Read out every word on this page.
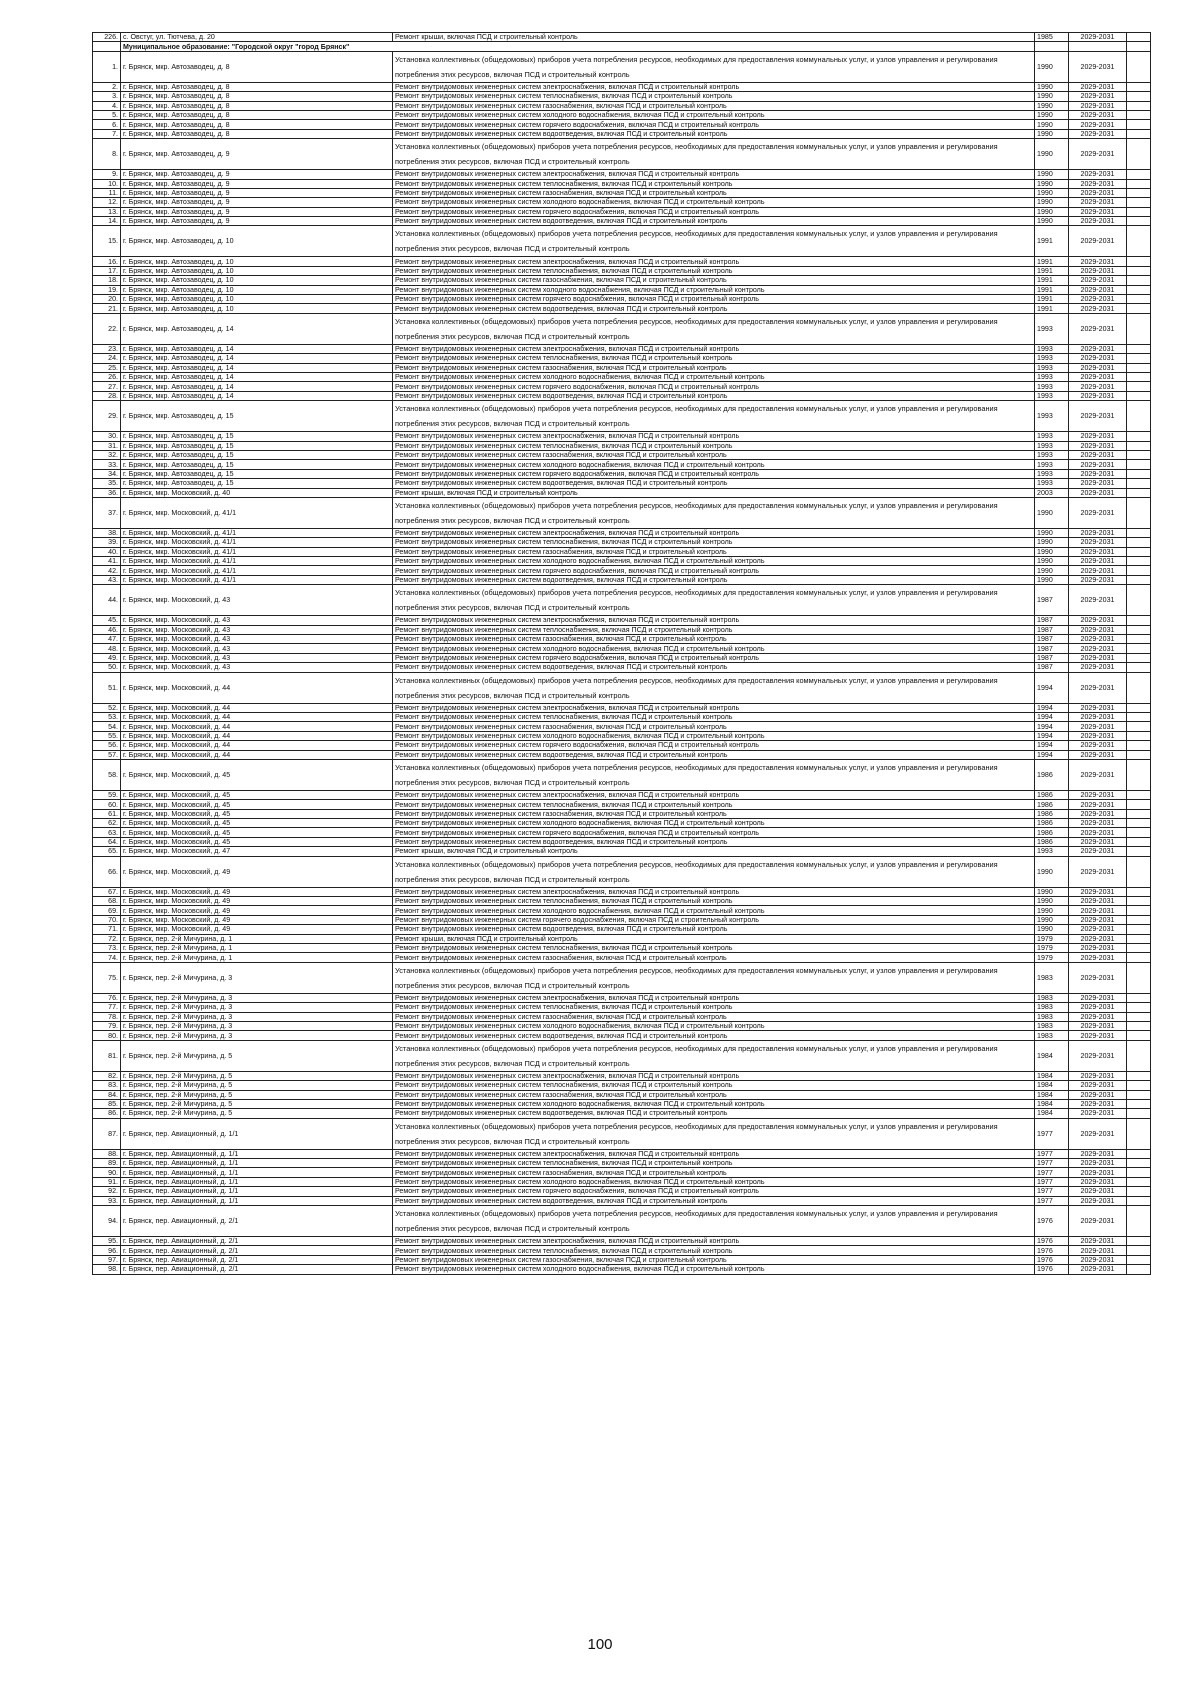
226.	с. Овстуг, ул. Тютчева, д. 20	Ремонт крыши, включая ПСД и строительный контроль	1985	2029-2031	
	Муниципальное образование: "Городской округ "город Брянск"				
1.	г. Брянск, мкр. Автозаводец, д. 8	Установка коллективных (общедомовых) приборов учета потребления ресурсов, необходимых для предоставления коммунальных услуг, и узлов управления и регулирования потребления этих ресурсов, включая ПСД и строительный контроль	1990	2029-2031	
2.	г. Брянск, мкр. Автозаводец, д. 8	Ремонт внутридомовых инженерных систем электроснабжения, включая ПСД и строительный контроль	1990	2029-2031	
3.	г. Брянск, мкр. Автозаводец, д. 8	Ремонт внутридомовых инженерных систем теплоснабжения, включая ПСД и строительный контроль	1990	2029-2031	
4.	г. Брянск, мкр. Автозаводец, д. 8	Ремонт внутридомовых инженерных систем газоснабжения, включая ПСД и строительный контроль	1990	2029-2031	
5.	г. Брянск, мкр. Автозаводец, д. 8	Ремонт внутридомовых инженерных систем холодного водоснабжения, включая ПСД и строительный контроль	1990	2029-2031	
6.	г. Брянск, мкр. Автозаводец, д. 8	Ремонт внутридомовых инженерных систем горячего водоснабжения, включая ПСД и строительный контроль	1990	2029-2031	
7.	г. Брянск, мкр. Автозаводец, д. 8	Ремонт внутридомовых инженерных систем водоотведения, включая ПСД и строительный контроль	1990	2029-2031	
8.	г. Брянск, мкр. Автозаводец, д. 9	Установка коллективных (общедомовых) приборов учета потребления ресурсов, необходимых для предоставления коммунальных услуг, и узлов управления и регулирования потребления этих ресурсов, включая ПСД и строительный контроль	1990	2029-2031	
9.	г. Брянск, мкр. Автозаводец, д. 9	Ремонт внутридомовых инженерных систем электроснабжения, включая ПСД и строительный контроль	1990	2029-2031	
10.	г. Брянск, мкр. Автозаводец, д. 9	Ремонт внутридомовых инженерных систем теплоснабжения, включая ПСД и строительный контроль	1990	2029-2031	
11.	г. Брянск, мкр. Автозаводец, д. 9	Ремонт внутридомовых инженерных систем газоснабжения, включая ПСД и строительный контроль	1990	2029-2031	
12.	г. Брянск, мкр. Автозаводец, д. 9	Ремонт внутридомовых инженерных систем холодного водоснабжения, включая ПСД и строительный контроль	1990	2029-2031	
13.	г. Брянск, мкр. Автозаводец, д. 9	Ремонт внутридомовых инженерных систем горячего водоснабжения, включая ПСД и строительный контроль	1990	2029-2031	
14.	г. Брянск, мкр. Автозаводец, д. 9	Ремонт внутридомовых инженерных систем водоотведения, включая ПСД и строительный контроль	1990	2029-2031	
15.	г. Брянск, мкр. Автозаводец, д. 10	Установка коллективных (общедомовых) приборов учета потребления ресурсов, необходимых для предоставления коммунальных услуг, и узлов управления и регулирования потребления этих ресурсов, включая ПСД и строительный контроль	1991	2029-2031	
16.	г. Брянск, мкр. Автозаводец, д. 10	Ремонт внутридомовых инженерных систем электроснабжения, включая ПСД и строительный контроль	1991	2029-2031	
17.	г. Брянск, мкр. Автозаводец, д. 10	Ремонт внутридомовых инженерных систем теплоснабжения, включая ПСД и строительный контроль	1991	2029-2031	
18.	г. Брянск, мкр. Автозаводец, д. 10	Ремонт внутридомовых инженерных систем газоснабжения, включая ПСД и строительный контроль	1991	2029-2031	
19.	г. Брянск, мкр. Автозаводец, д. 10	Ремонт внутридомовых инженерных систем холодного водоснабжения, включая ПСД и строительный контроль	1991	2029-2031	
20.	г. Брянск, мкр. Автозаводец, д. 10	Ремонт внутридомовых инженерных систем горячего водоснабжения, включая ПСД и строительный контроль	1991	2029-2031	
21.	г. Брянск, мкр. Автозаводец, д. 10	Ремонт внутридомовых инженерных систем водоотведения, включая ПСД и строительный контроль	1991	2029-2031	
22.	г. Брянск, мкр. Автозаводец, д. 14	Установка коллективных (общедомовых) приборов учета потребления ресурсов, необходимых для предоставления коммунальных услуг, и узлов управления и регулирования потребления этих ресурсов, включая ПСД и строительный контроль	1993	2029-2031	
23.	г. Брянск, мкр. Автозаводец, д. 14	Ремонт внутридомовых инженерных систем электроснабжения, включая ПСД и строительный контроль	1993	2029-2031	
24.	г. Брянск, мкр. Автозаводец, д. 14	Ремонт внутридомовых инженерных систем теплоснабжения, включая ПСД и строительный контроль	1993	2029-2031	
25.	г. Брянск, мкр. Автозаводец, д. 14	Ремонт внутридомовых инженерных систем газоснабжения, включая ПСД и строительный контроль	1993	2029-2031	
26.	г. Брянск, мкр. Автозаводец, д. 14	Ремонт внутридомовых инженерных систем холодного водоснабжения, включая ПСД и строительный контроль	1993	2029-2031	
27.	г. Брянск, мкр. Автозаводец, д. 14	Ремонт внутридомовых инженерных систем горячего водоснабжения, включая ПСД и строительный контроль	1993	2029-2031	
28.	г. Брянск, мкр. Автозаводец, д. 14	Ремонт внутридомовых инженерных систем водоотведения, включая ПСД и строительный контроль	1993	2029-2031	
29.	г. Брянск, мкр. Автозаводец, д. 15	Установка коллективных (общедомовых) приборов учета потребления ресурсов, необходимых для предоставления коммунальных услуг, и узлов управления и регулирования потребления этих ресурсов, включая ПСД и строительный контроль	1993	2029-2031	
30.	г. Брянск, мкр. Автозаводец, д. 15	Ремонт внутридомовых инженерных систем электроснабжения, включая ПСД и строительный контроль	1993	2029-2031	
31.	г. Брянск, мкр. Автозаводец, д. 15	Ремонт внутридомовых инженерных систем теплоснабжения, включая ПСД и строительный контроль	1993	2029-2031	
32.	г. Брянск, мкр. Автозаводец, д. 15	Ремонт внутридомовых инженерных систем газоснабжения, включая ПСД и строительный контроль	1993	2029-2031	
33.	г. Брянск, мкр. Автозаводец, д. 15	Ремонт внутридомовых инженерных систем холодного водоснабжения, включая ПСД и строительный контроль	1993	2029-2031	
34.	г. Брянск, мкр. Автозаводец, д. 15	Ремонт внутридомовых инженерных систем горячего водоснабжения, включая ПСД и строительный контроль	1993	2029-2031	
35.	г. Брянск, мкр. Автозаводец, д. 15	Ремонт внутридомовых инженерных систем водоотведения, включая ПСД и строительный контроль	1993	2029-2031	
36.	г. Брянск, мкр. Московский, д. 40	Ремонт крыши, включая ПСД и строительный контроль	2003	2029-2031	
37.	г. Брянск, мкр. Московский, д. 41/1	Установка коллективных (общедомовых) приборов учета потребления ресурсов, необходимых для предоставления коммунальных услуг, и узлов управления и регулирования потребления этих ресурсов, включая ПСД и строительный контроль	1990	2029-2031	
38.	г. Брянск, мкр. Московский, д. 41/1	Ремонт внутридомовых инженерных систем электроснабжения, включая ПСД и строительный контроль	1990	2029-2031	
39.	г. Брянск, мкр. Московский, д. 41/1	Ремонт внутридомовых инженерных систем теплоснабжения, включая ПСД и строительный контроль	1990	2029-2031	
40.	г. Брянск, мкр. Московский, д. 41/1	Ремонт внутридомовых инженерных систем газоснабжения, включая ПСД и строительный контроль	1990	2029-2031	
41.	г. Брянск, мкр. Московский, д. 41/1	Ремонт внутридомовых инженерных систем холодного водоснабжения, включая ПСД и строительный контроль	1990	2029-2031	
42.	г. Брянск, мкр. Московский, д. 41/1	Ремонт внутридомовых инженерных систем горячего водоснабжения, включая ПСД и строительный контроль	1990	2029-2031	
43.	г. Брянск, мкр. Московский, д. 41/1	Ремонт внутридомовых инженерных систем водоотведения, включая ПСД и строительный контроль	1990	2029-2031	
44.	г. Брянск, мкр. Московский, д. 43	Установка коллективных (общедомовых) приборов учета потребления ресурсов, необходимых для предоставления коммунальных услуг, и узлов управления и регулирования потребления этих ресурсов, включая ПСД и строительный контроль	1987	2029-2031	
45.	г. Брянск, мкр. Московский, д. 43	Ремонт внутридомовых инженерных систем электроснабжения, включая ПСД и строительный контроль	1987	2029-2031	
46.	г. Брянск, мкр. Московский, д. 43	Ремонт внутридомовых инженерных систем теплоснабжения, включая ПСД и строительный контроль	1987	2029-2031	
47.	г. Брянск, мкр. Московский, д. 43	Ремонт внутридомовых инженерных систем газоснабжения, включая ПСД и строительный контроль	1987	2029-2031	
48.	г. Брянск, мкр. Московский, д. 43	Ремонт внутридомовых инженерных систем холодного водоснабжения, включая ПСД и строительный контроль	1987	2029-2031	
49.	г. Брянск, мкр. Московский, д. 43	Ремонт внутридомовых инженерных систем горячего водоснабжения, включая ПСД и строительный контроль	1987	2029-2031	
50.	г. Брянск, мкр. Московский, д. 43	Ремонт внутридомовых инженерных систем водоотведения, включая ПСД и строительный контроль	1987	2029-2031	
51.	г. Брянск, мкр. Московский, д. 44	Установка коллективных (общедомовых) приборов учета потребления ресурсов, необходимых для предоставления коммунальных услуг, и узлов управления и регулирования потребления этих ресурсов, включая ПСД и строительный контроль	1994	2029-2031	
52.	г. Брянск, мкр. Московский, д. 44	Ремонт внутридомовых инженерных систем электроснабжения, включая ПСД и строительный контроль	1994	2029-2031	
53.	г. Брянск, мкр. Московский, д. 44	Ремонт внутридомовых инженерных систем теплоснабжения, включая ПСД и строительный контроль	1994	2029-2031	
54.	г. Брянск, мкр. Московский, д. 44	Ремонт внутридомовых инженерных систем газоснабжения, включая ПСД и строительный контроль	1994	2029-2031	
55.	г. Брянск, мкр. Московский, д. 44	Ремонт внутридомовых инженерных систем холодного водоснабжения, включая ПСД и строительный контроль	1994	2029-2031	
56.	г. Брянск, мкр. Московский, д. 44	Ремонт внутридомовых инженерных систем горячего водоснабжения, включая ПСД и строительный контроль	1994	2029-2031	
57.	г. Брянск, мкр. Московский, д. 44	Ремонт внутридомовых инженерных систем водоотведения, включая ПСД и строительный контроль	1994	2029-2031	
58.	г. Брянск, мкр. Московский, д. 45	Установка коллективных (общедомовых) приборов учета потребления ресурсов, необходимых для предоставления коммунальных услуг, и узлов управления и регулирования потребления этих ресурсов, включая ПСД и строительный контроль	1986	2029-2031	
59.	г. Брянск, мкр. Московский, д. 45	Ремонт внутридомовых инженерных систем электроснабжения, включая ПСД и строительный контроль	1986	2029-2031	
60.	г. Брянск, мкр. Московский, д. 45	Ремонт внутридомовых инженерных систем теплоснабжения, включая ПСД и строительный контроль	1986	2029-2031	
61.	г. Брянск, мкр. Московский, д. 45	Ремонт внутридомовых инженерных систем газоснабжения, включая ПСД и строительный контроль	1986	2029-2031	
62.	г. Брянск, мкр. Московский, д. 45	Ремонт внутридомовых инженерных систем холодного водоснабжения, включая ПСД и строительный контроль	1986	2029-2031	
63.	г. Брянск, мкр. Московский, д. 45	Ремонт внутридомовых инженерных систем горячего водоснабжения, включая ПСД и строительный контроль	1986	2029-2031	
64.	г. Брянск, мкр. Московский, д. 45	Ремонт внутридомовых инженерных систем водоотведения, включая ПСД и строительный контроль	1986	2029-2031	
65.	г. Брянск, мкр. Московский, д. 47	Ремонт крыши, включая ПСД и строительный контроль	1993	2029-2031	
66.	г. Брянск, мкр. Московский, д. 49	Установка коллективных (общедомовых) приборов учета потребления ресурсов, необходимых для предоставления коммунальных услуг, и узлов управления и регулирования потребления этих ресурсов, включая ПСД и строительный контроль	1990	2029-2031	
67.	г. Брянск, мкр. Московский, д. 49	Ремонт внутридомовых инженерных систем электроснабжения, включая ПСД и строительный контроль	1990	2029-2031	
68.	г. Брянск, мкр. Московский, д. 49	Ремонт внутридомовых инженерных систем теплоснабжения, включая ПСД и строительный контроль	1990	2029-2031	
69.	г. Брянск, мкр. Московский, д. 49	Ремонт внутридомовых инженерных систем холодного водоснабжения, включая ПСД и строительный контроль	1990	2029-2031	
70.	г. Брянск, мкр. Московский, д. 49	Ремонт внутридомовых инженерных систем горячего водоснабжения, включая ПСД и строительный контроль	1990	2029-2031	
71.	г. Брянск, мкр. Московский, д. 49	Ремонт внутридомовых инженерных систем водоотведения, включая ПСД и строительный контроль	1990	2029-2031	
72.	г. Брянск, пер. 2-й Мичурина, д. 1	Ремонт крыши, включая ПСД и строительный контроль	1979	2029-2031	
73.	г. Брянск, пер. 2-й Мичурина, д. 1	Ремонт внутридомовых инженерных систем теплоснабжения, включая ПСД и строительный контроль	1979	2029-2031	
74.	г. Брянск, пер. 2-й Мичурина, д. 1	Ремонт внутридомовых инженерных систем газоснабжения, включая ПСД и строительный контроль	1979	2029-2031	
75.	г. Брянск, пер. 2-й Мичурина, д. 3	Установка коллективных (общедомовых) приборов учета потребления ресурсов, необходимых для предоставления коммунальных услуг, и узлов управления и регулирования потребления этих ресурсов, включая ПСД и строительный контроль	1983	2029-2031	
76.	г. Брянск, пер. 2-й Мичурина, д. 3	Ремонт внутридомовых инженерных систем электроснабжения, включая ПСД и строительный контроль	1983	2029-2031	
77.	г. Брянск, пер. 2-й Мичурина, д. 3	Ремонт внутридомовых инженерных систем теплоснабжения, включая ПСД и строительный контроль	1983	2029-2031	
78.	г. Брянск, пер. 2-й Мичурина, д. 3	Ремонт внутридомовых инженерных систем газоснабжения, включая ПСД и строительный контроль	1983	2029-2031	
79.	г. Брянск, пер. 2-й Мичурина, д. 3	Ремонт внутридомовых инженерных систем холодного водоснабжения, включая ПСД и строительный контроль	1983	2029-2031	
80.	г. Брянск, пер. 2-й Мичурина, д. 3	Ремонт внутридомовых инженерных систем водоотведения, включая ПСД и строительный контроль	1983	2029-2031	
81.	г. Брянск, пер. 2-й Мичурина, д. 5	Установка коллективных (общедомовых) приборов учета потребления ресурсов, необходимых для предоставления коммунальных услуг, и узлов управления и регулирования потребления этих ресурсов, включая ПСД и строительный контроль	1984	2029-2031	
82.	г. Брянск, пер. 2-й Мичурина, д. 5	Ремонт внутридомовых инженерных систем электроснабжения, включая ПСД и строительный контроль	1984	2029-2031	
83.	г. Брянск, пер. 2-й Мичурина, д. 5	Ремонт внутридомовых инженерных систем теплоснабжения, включая ПСД и строительный контроль	1984	2029-2031	
84.	г. Брянск, пер. 2-й Мичурина, д. 5	Ремонт внутридомовых инженерных систем газоснабжения, включая ПСД и строительный контроль	1984	2029-2031	
85.	г. Брянск, пер. 2-й Мичурина, д. 5	Ремонт внутридомовых инженерных систем холодного водоснабжения, включая ПСД и строительный контроль	1984	2029-2031	
86.	г. Брянск, пер. 2-й Мичурина, д. 5	Ремонт внутридомовых инженерных систем водоотведения, включая ПСД и строительный контроль	1984	2029-2031	
87.	г. Брянск, пер. Авиационный, д. 1/1	Установка коллективных (общедомовых) приборов учета потребления ресурсов, необходимых для предоставления коммунальных услуг, и узлов управления и регулирования потребления этих ресурсов, включая ПСД и строительный контроль	1977	2029-2031	
88.	г. Брянск, пер. Авиационный, д. 1/1	Ремонт внутридомовых инженерных систем электроснабжения, включая ПСД и строительный контроль	1977	2029-2031	
89.	г. Брянск, пер. Авиационный, д. 1/1	Ремонт внутридомовых инженерных систем теплоснабжения, включая ПСД и строительный контроль	1977	2029-2031	
90.	г. Брянск, пер. Авиационный, д. 1/1	Ремонт внутридомовых инженерных систем газоснабжения, включая ПСД и строительный контроль	1977	2029-2031	
91.	г. Брянск, пер. Авиационный, д. 1/1	Ремонт внутридомовых инженерных систем холодного водоснабжения, включая ПСД и строительный контроль	1977	2029-2031	
92.	г. Брянск, пер. Авиационный, д. 1/1	Ремонт внутридомовых инженерных систем горячего водоснабжения, включая ПСД и строительный контроль	1977	2029-2031	
93.	г. Брянск, пер. Авиационный, д. 1/1	Ремонт внутридомовых инженерных систем водоотведения, включая ПСД и строительный контроль	1977	2029-2031	
94.	г. Брянск, пер. Авиационный, д. 2/1	Установка коллективных (общедомовых) приборов учета потребления ресурсов, необходимых для предоставления коммунальных услуг, и узлов управления и регулирования потребления этих ресурсов, включая ПСД и строительный контроль	1976	2029-2031	
95.	г. Брянск, пер. Авиационный, д. 2/1	Ремонт внутридомовых инженерных систем электроснабжения, включая ПСД и строительный контроль	1976	2029-2031	
96.	г. Брянск, пер. Авиационный, д. 2/1	Ремонт внутридомовых инженерных систем теплоснабжения, включая ПСД и строительный контроль	1976	2029-2031	
97.	г. Брянск, пер. Авиационный, д. 2/1	Ремонт внутридомовых инженерных систем газоснабжения, включая ПСД и строительный контроль	1976	2029-2031	
98.	г. Брянск, пер. Авиационный, д. 2/1	Ремонт внутридомовых инженерных систем холодного водоснабжения, включая ПСД и строительный контроль	1976	2029-2031	
100
